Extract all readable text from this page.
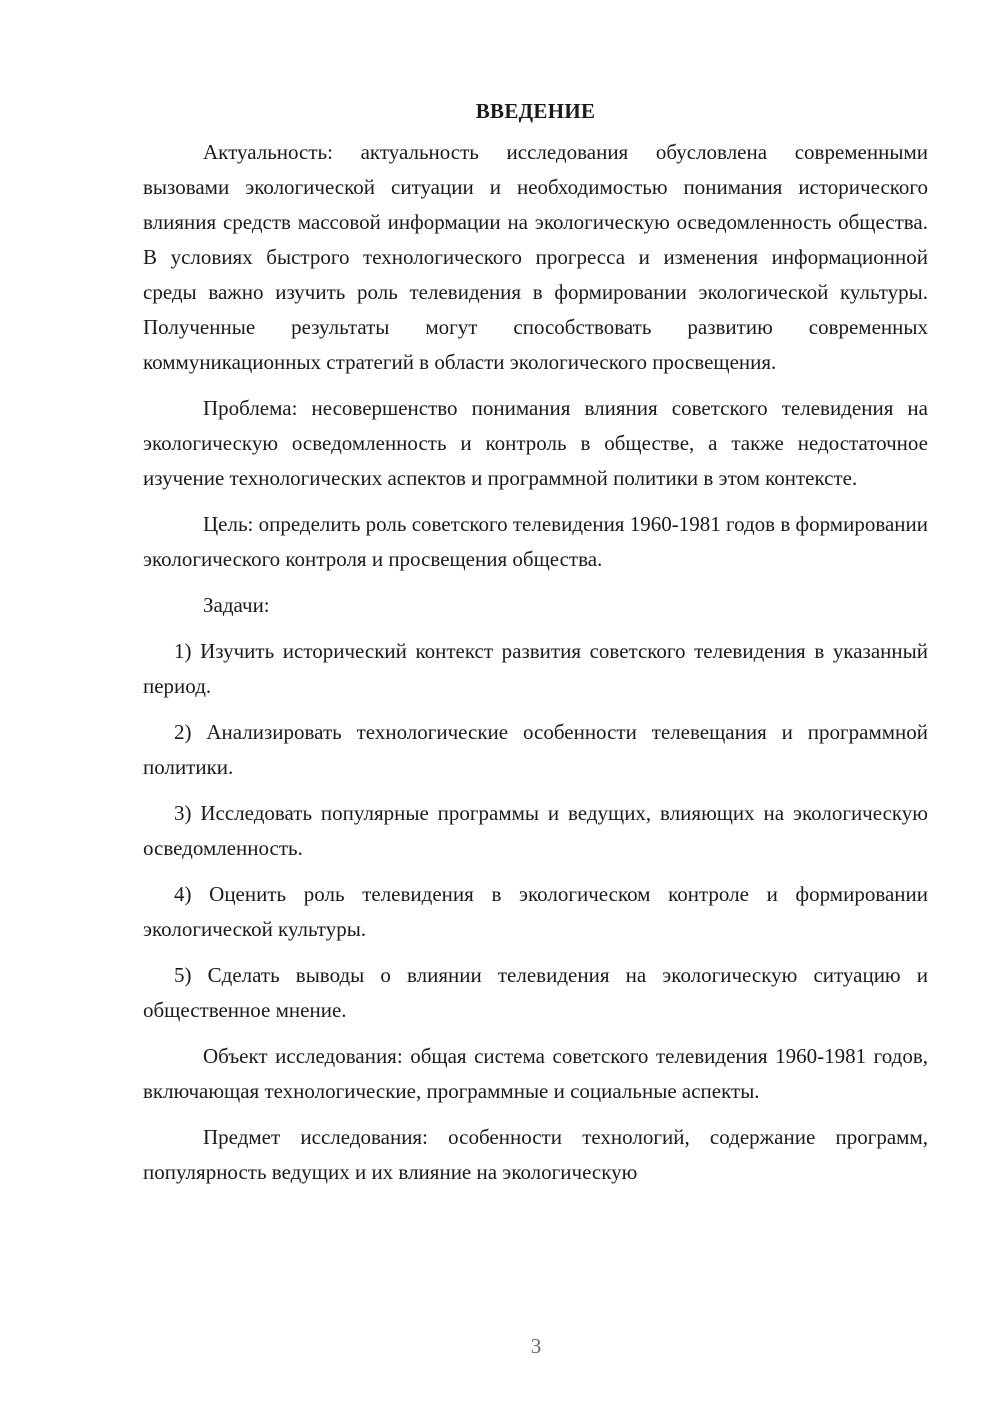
ВВЕДЕНИЕ

Актуальность: актуальность исследования обусловлена современными вызовами экологической ситуации и необходимостью понимания исторического влияния средств массовой информации на экологическую осведомленность общества. В условиях быстрого технологического прогресса и изменения информационной среды важно изучить роль телевидения в формировании экологической культуры. Полученные результаты могут способствовать развитию современных коммуникационных стратегий в области экологического просвещения.

Проблема: несовершенство понимания влияния советского телевидения на экологическую осведомленность и контроль в обществе, а также недостаточное изучение технологических аспектов и программной политики в этом контексте.

Цель: определить роль советского телевидения 1960-1981 годов в формировании экологического контроля и просвещения общества.

Задачи:

1) Изучить исторический контекст развития советского телевидения в указанный период.

2) Анализировать технологические особенности телевещания и программной политики.

3) Исследовать популярные программы и ведущих, влияющих на экологическую осведомленность.

4) Оценить роль телевидения в экологическом контроле и формировании экологической культуры.

5) Сделать выводы о влиянии телевидения на экологическую ситуацию и общественное мнение.

Объект исследования: общая система советского телевидения 1960-1981 годов, включающая технологические, программные и социальные аспекты.

Предмет исследования: особенности технологий, содержание программ, популярность ведущих и их влияние на экологическую

3
